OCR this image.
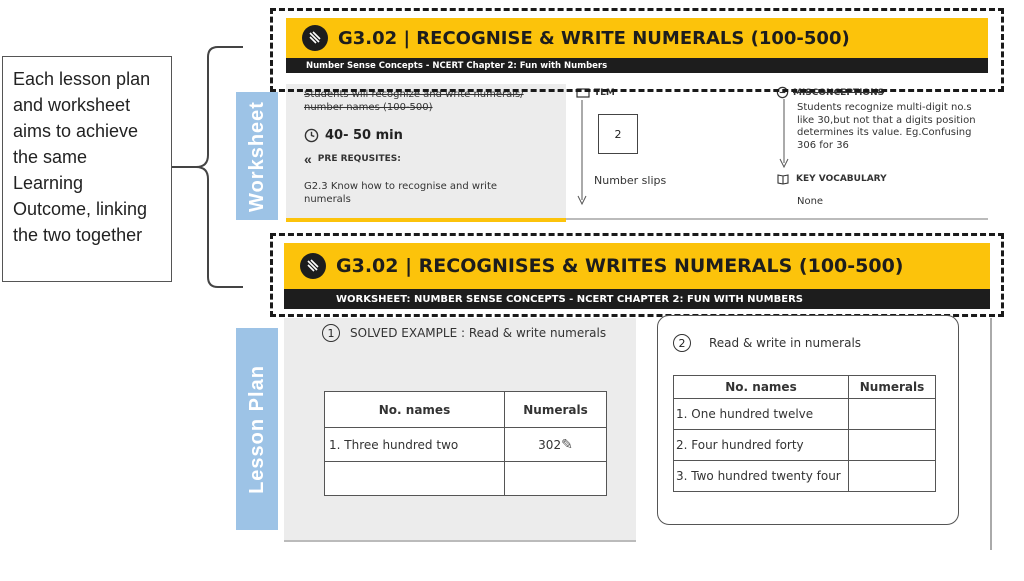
Each lesson plan and worksheet aims to achieve the same Learning Outcome, linking the two together
Worksheet
Lesson Plan
G3.02 | RECOGNISE & WRITE NUMERALS (100-500)
Number Sense Concepts - NCERT Chapter 2: Fun with Numbers
Students will recognize and write numerals/ number names (100-500)
40- 50 min
« PRE REQUSITES:
G2.3 Know how to recognise and write numerals
TLM
2
Number slips
MISCONCEPTIONS
Students recognize multi-digit no.s like 30,but not that a digits position determines its value. Eg.Confusing 306 for 36
KEY VOCABULARY
None
G3.02 | RECOGNISES & WRITES NUMERALS (100-500)
WORKSHEET: NUMBER SENSE CONCEPTS - NCERT CHAPTER 2: FUN WITH NUMBERS
1	SOLVED EXAMPLE : Read & write numerals
No. names	Numerals
1. Three hundred two	302✎

2	Read & write in numerals
No. names	Numerals
1. One hundred twelve	
2. Four hundred forty	
3. Two hundred twenty four	
